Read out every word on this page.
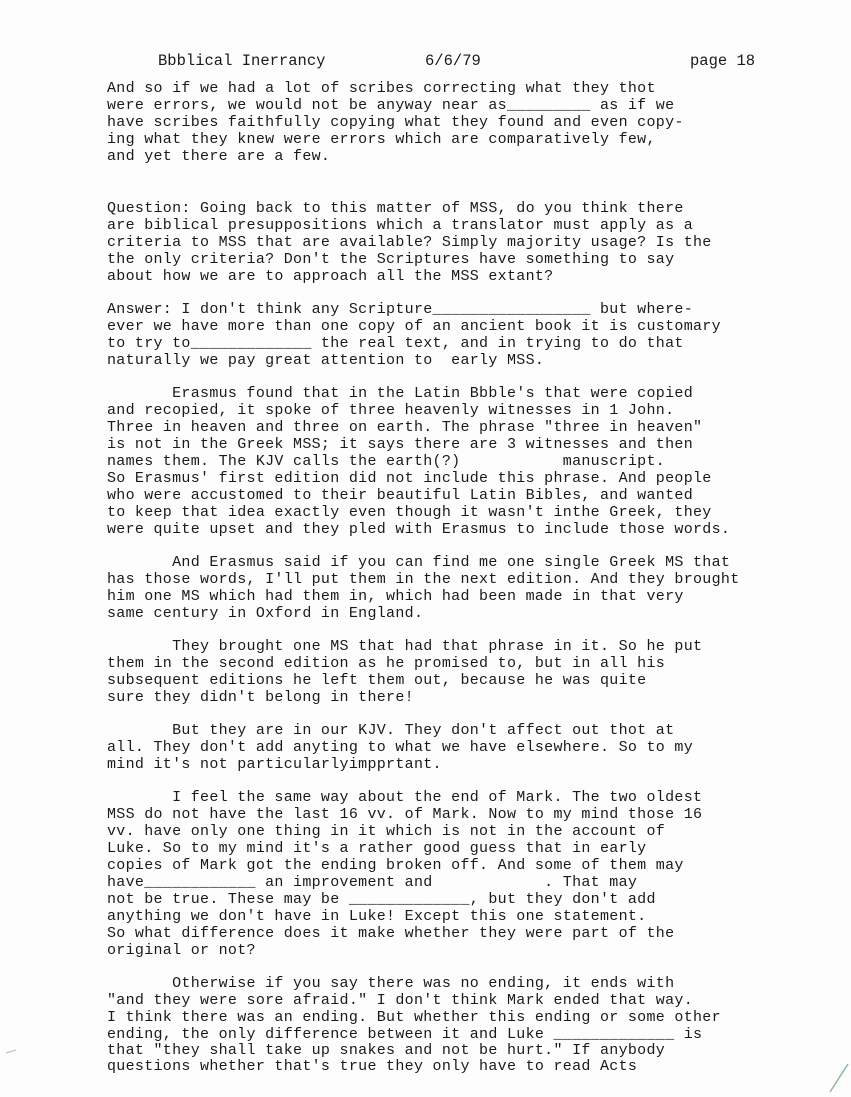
Bbblical Inerrancy	6/6/79	page 18
And so if we had a lot of scribes correcting what they thot
were errors, we would not be anyway near as_________ as if we
have scribes faithfully copying what they found and even copy-
ing what they knew were errors which are comparatively few,
and yet there are a few.
Question: Going back to this matter of MSS, do you think there
are biblical presuppositions which a translator must apply as a
criteria to MSS that are available? Simply majority usage? Is the
the only criteria? Don't the Scriptures have something to say
about how we are to approach all the MSS extant?
Answer: I don't think any Scripture_________________ but where-
ever we have more than one copy of an ancient book it is customary
to try to_____________ the real text, and in trying to do that
naturally we pay great attention to  early MSS.
Erasmus found that in the Latin Bbble's that were copied
and recopied, it spoke of three heavenly witnesses in 1 John.
Three in heaven and three on earth. The phrase "three in heaven"
is not in the Greek MSS; it says there are 3 witnesses and then
names them. The KJV calls the earth(?)           manuscript.
So Erasmus' first edition did not include this phrase. And people
who were accustomed to their beautiful Latin Bibles, and wanted
to keep that idea exactly even though it wasn't inthe Greek, they
were quite upset and they pled with Erasmus to include those words.
And Erasmus said if you can find me one single Greek MS that
has those words, I'll put them in the next edition. And they brought
him one MS which had them in, which had been made in that very
same century in Oxford in England.
They brought one MS that had that phrase in it. So he put
them in the second edition as he promised to, but in all his
subsequent editions he left them out, because he was quite
sure they didn't belong in there!
But they are in our KJV. They don't affect out thot at
all. They don't add anyting to what we have elsewhere. So to my
mind it's not particularlyimpprtant.
I feel the same way about the end of Mark. The two oldest
MSS do not have the last 16 vv. of Mark. Now to my mind those 16
vv. have only one thing in it which is not in the account of
Luke. So to my mind it's a rather good guess that in early
copies of Mark got the ending broken off. And some of them may
have____________ an improvement and            . That may
not be true. These may be _____________, but they don't add
anything we don't have in Luke! Except this one statement.
So what difference does it make whether they were part of the
original or not?
Otherwise if you say there was no ending, it ends with
"and they were sore afraid." I don't think Mark ended that way.
I think there was an ending. But whether this ending or some other
ending, the only difference between it and Luke _____________ is
that "they shall take up snakes and not be hurt." If anybody
questions whether that's true they only have to read Acts
